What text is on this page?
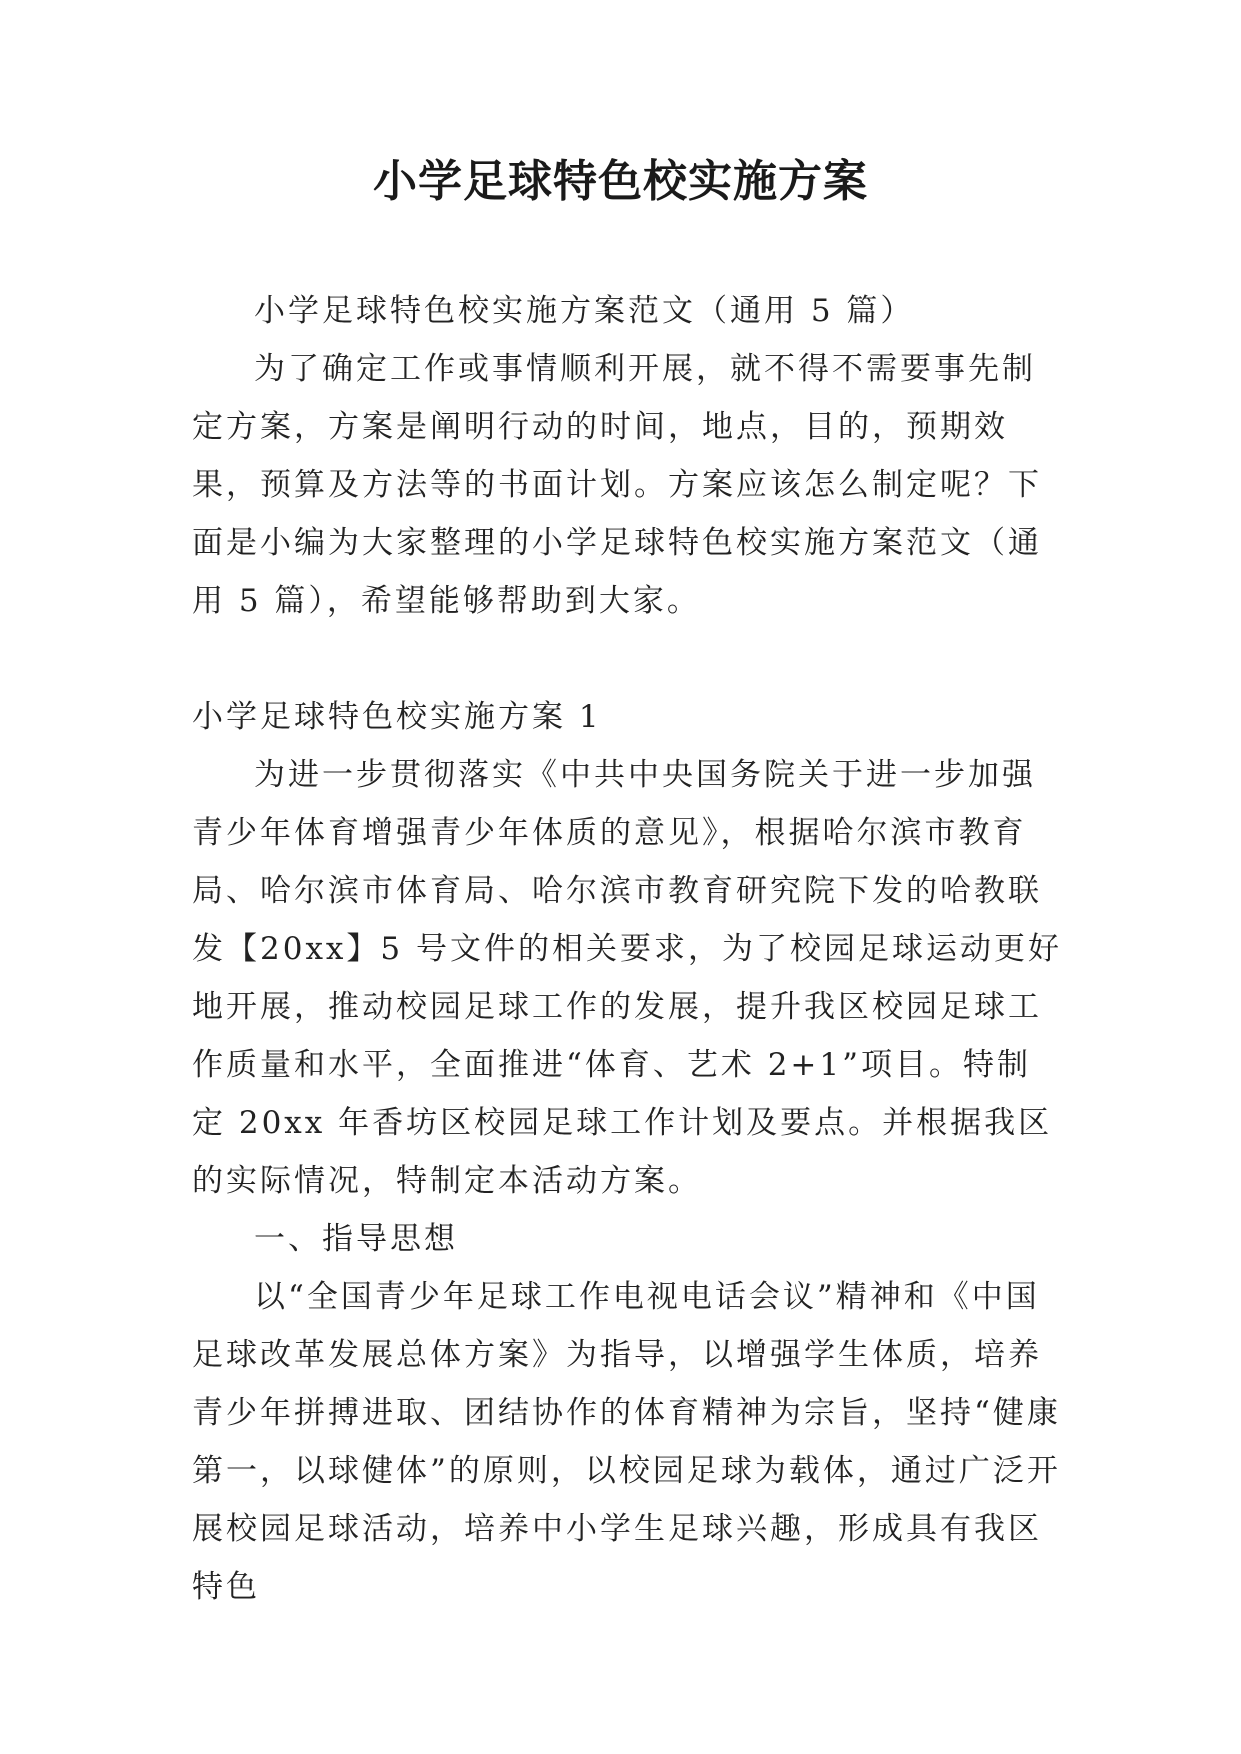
小学足球特色校实施方案

小学足球特色校实施方案范文（通用 5 篇）

为了确定工作或事情顺利开展，就不得不需要事先制定方案，方案是阐明行动的时间，地点，目的，预期效果，预算及方法等的书面计划。方案应该怎么制定呢？下面是小编为大家整理的小学足球特色校实施方案范文（通用 5 篇），希望能够帮助到大家。

小学足球特色校实施方案 1

为进一步贯彻落实《中共中央国务院关于进一步加强青少年体育增强青少年体质的意见》，根据哈尔滨市教育局、哈尔滨市体育局、哈尔滨市教育研究院下发的哈教联发【20xx】5 号文件的相关要求，为了校园足球运动更好地开展，推动校园足球工作的发展，提升我区校园足球工作质量和水平，全面推进“体育、艺术 2+1”项目。特制定 20xx 年香坊区校园足球工作计划及要点。并根据我区的实际情况，特制定本活动方案。

一、指导思想

以“全国青少年足球工作电视电话会议”精神和《中国足球改革发展总体方案》为指导，以增强学生体质，培养青少年拼搏进取、团结协作的体育精神为宗旨，坚持“健康第一，以球健体”的原则，以校园足球为载体，通过广泛开展校园足球活动，培养中小学生足球兴趣，形成具有我区特色
